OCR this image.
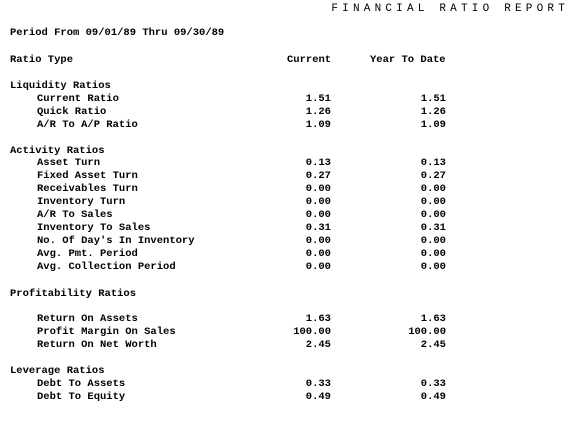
FINANCIAL RATIO REPORT
Period From 09/01/89 Thru 09/30/89
Ratio Type	Current	Year To Date
Liquidity Ratios
Current Ratio	1.51	1.51
Quick Ratio	1.26	1.26
A/R To A/P Ratio	1.09	1.09
Activity Ratios
Asset Turn	0.13	0.13
Fixed Asset Turn	0.27	0.27
Receivables Turn	0.00	0.00
Inventory Turn	0.00	0.00
A/R To Sales	0.00	0.00
Inventory To Sales	0.31	0.31
No. Of Day's In Inventory	0.00	0.00
Avg. Pmt. Period	0.00	0.00
Avg. Collection Period	0.00	0.00
Profitability Ratios
Return On Assets	1.63	1.63
Profit Margin On Sales	100.00	100.00
Return On Net Worth	2.45	2.45
Leverage Ratios
Debt To Assets	0.33	0.33
Debt To Equity	0.49	0.49
